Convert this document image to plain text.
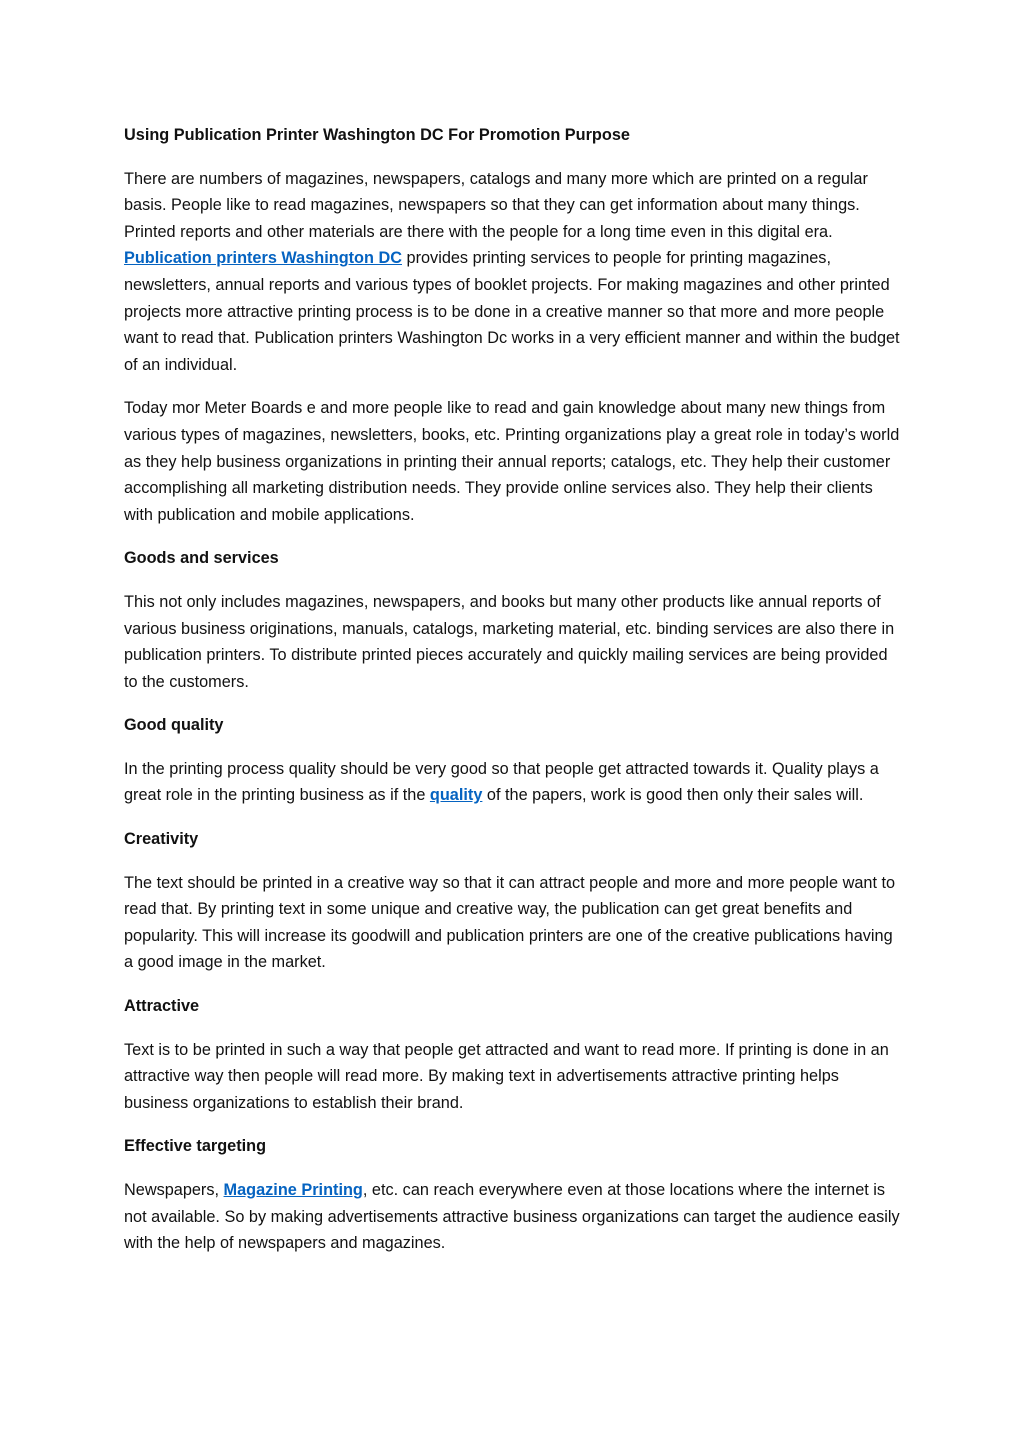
Using Publication Printer Washington DC For Promotion Purpose

There are numbers of magazines, newspapers, catalogs and many more which are printed on a regular basis. People like to read magazines, newspapers so that they can get information about many things. Printed reports and other materials are there with the people for a long time even in this digital era. Publication printers Washington DC provides printing services to people for printing magazines, newsletters, annual reports and various types of booklet projects. For making magazines and other printed projects more attractive printing process is to be done in a creative manner so that more and more people want to read that. Publication printers Washington Dc works in a very efficient manner and within the budget of an individual.

Today mor Meter Boards e and more people like to read and gain knowledge about many new things from various types of magazines, newsletters, books, etc. Printing organizations play a great role in today’s world as they help business organizations in printing their annual reports; catalogs, etc. They help their customer accomplishing all marketing distribution needs. They provide online services also. They help their clients with publication and mobile applications.

Goods and services

This not only includes magazines, newspapers, and books but many other products like annual reports of various business originations, manuals, catalogs, marketing material, etc. binding services are also there in publication printers. To distribute printed pieces accurately and quickly mailing services are being provided to the customers.

Good quality

In the printing process quality should be very good so that people get attracted towards it. Quality plays a great role in the printing business as if the quality of the papers, work is good then only their sales will.

Creativity

The text should be printed in a creative way so that it can attract people and more and more people want to read that. By printing text in some unique and creative way, the publication can get great benefits and popularity. This will increase its goodwill and publication printers are one of the creative publications having a good image in the market.

Attractive

Text is to be printed in such a way that people get attracted and want to read more. If printing is done in an attractive way then people will read more. By making text in advertisements attractive printing helps business organizations to establish their brand.

Effective targeting

Newspapers, Magazine Printing, etc. can reach everywhere even at those locations where the internet is not available. So by making advertisements attractive business organizations can target the audience easily with the help of newspapers and magazines.
